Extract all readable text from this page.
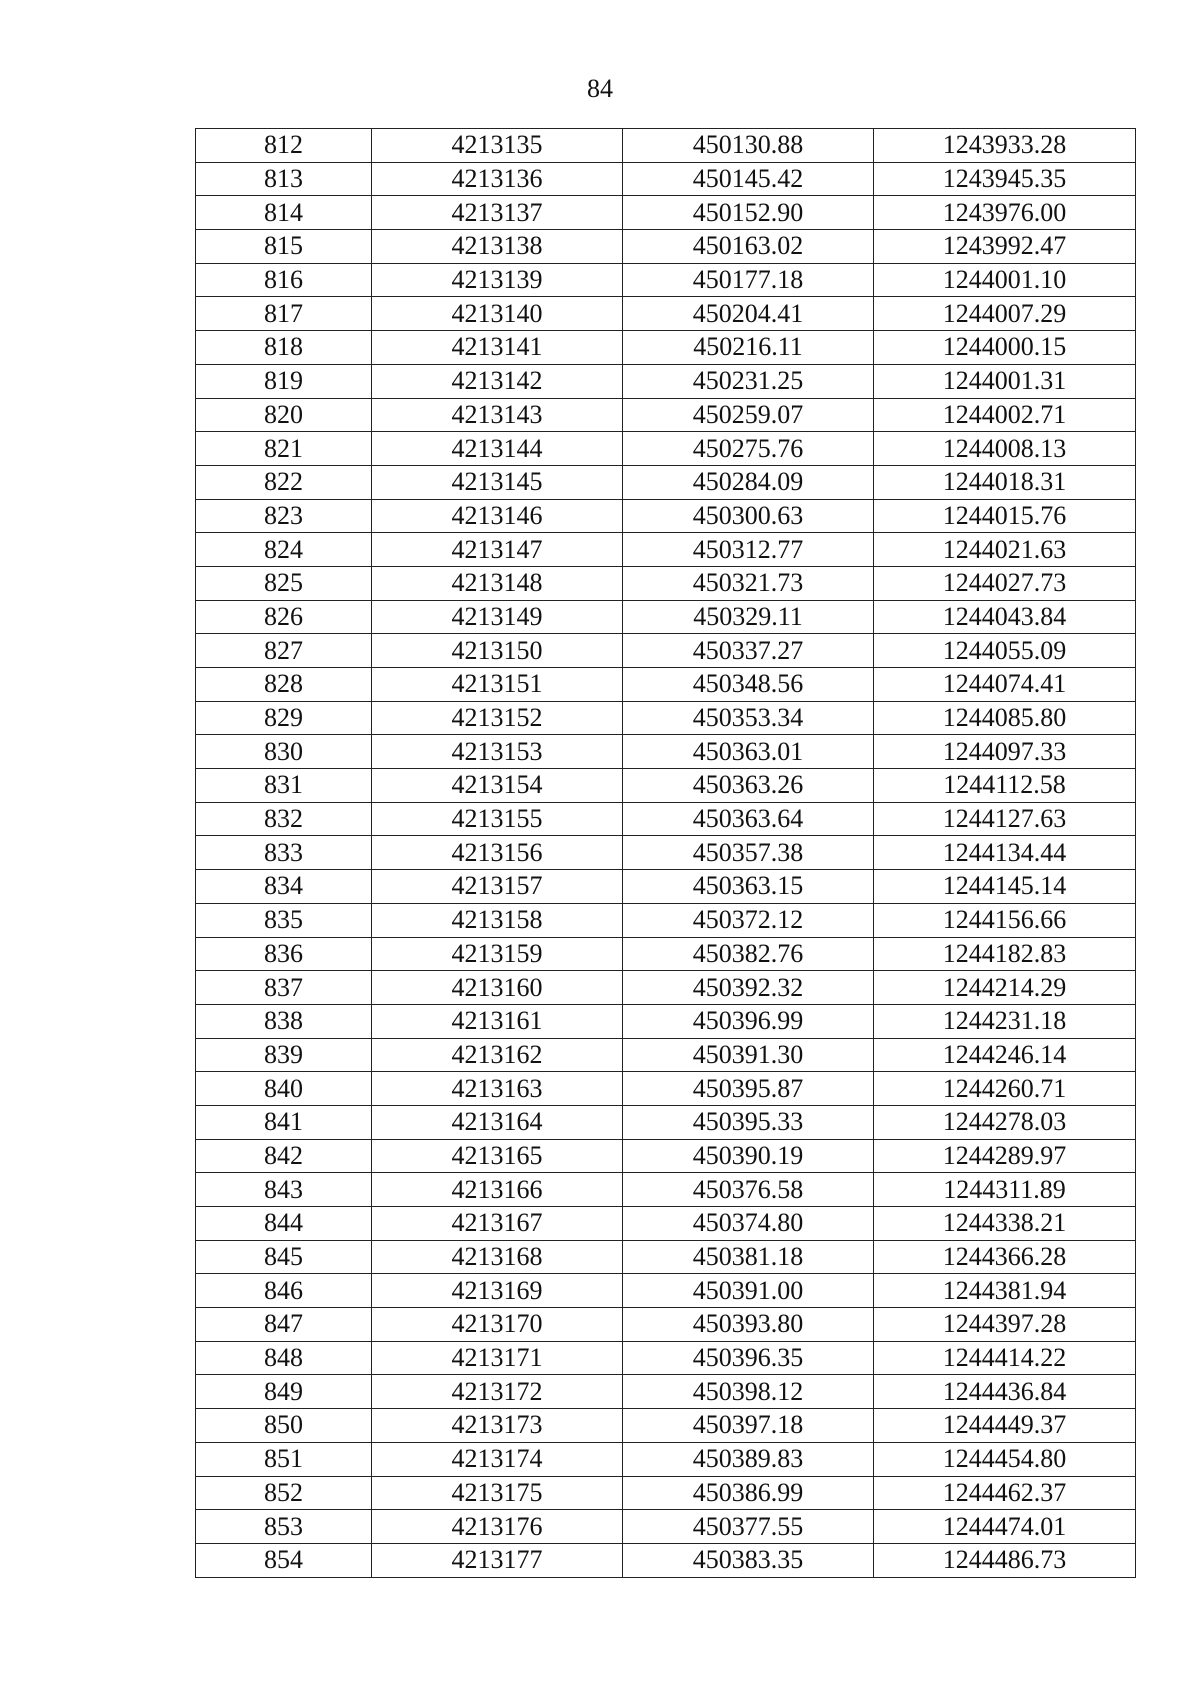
84
812	4213135	450130.88	1243933.28
813	4213136	450145.42	1243945.35
814	4213137	450152.90	1243976.00
815	4213138	450163.02	1243992.47
816	4213139	450177.18	1244001.10
817	4213140	450204.41	1244007.29
818	4213141	450216.11	1244000.15
819	4213142	450231.25	1244001.31
820	4213143	450259.07	1244002.71
821	4213144	450275.76	1244008.13
822	4213145	450284.09	1244018.31
823	4213146	450300.63	1244015.76
824	4213147	450312.77	1244021.63
825	4213148	450321.73	1244027.73
826	4213149	450329.11	1244043.84
827	4213150	450337.27	1244055.09
828	4213151	450348.56	1244074.41
829	4213152	450353.34	1244085.80
830	4213153	450363.01	1244097.33
831	4213154	450363.26	1244112.58
832	4213155	450363.64	1244127.63
833	4213156	450357.38	1244134.44
834	4213157	450363.15	1244145.14
835	4213158	450372.12	1244156.66
836	4213159	450382.76	1244182.83
837	4213160	450392.32	1244214.29
838	4213161	450396.99	1244231.18
839	4213162	450391.30	1244246.14
840	4213163	450395.87	1244260.71
841	4213164	450395.33	1244278.03
842	4213165	450390.19	1244289.97
843	4213166	450376.58	1244311.89
844	4213167	450374.80	1244338.21
845	4213168	450381.18	1244366.28
846	4213169	450391.00	1244381.94
847	4213170	450393.80	1244397.28
848	4213171	450396.35	1244414.22
849	4213172	450398.12	1244436.84
850	4213173	450397.18	1244449.37
851	4213174	450389.83	1244454.80
852	4213175	450386.99	1244462.37
853	4213176	450377.55	1244474.01
854	4213177	450383.35	1244486.73
